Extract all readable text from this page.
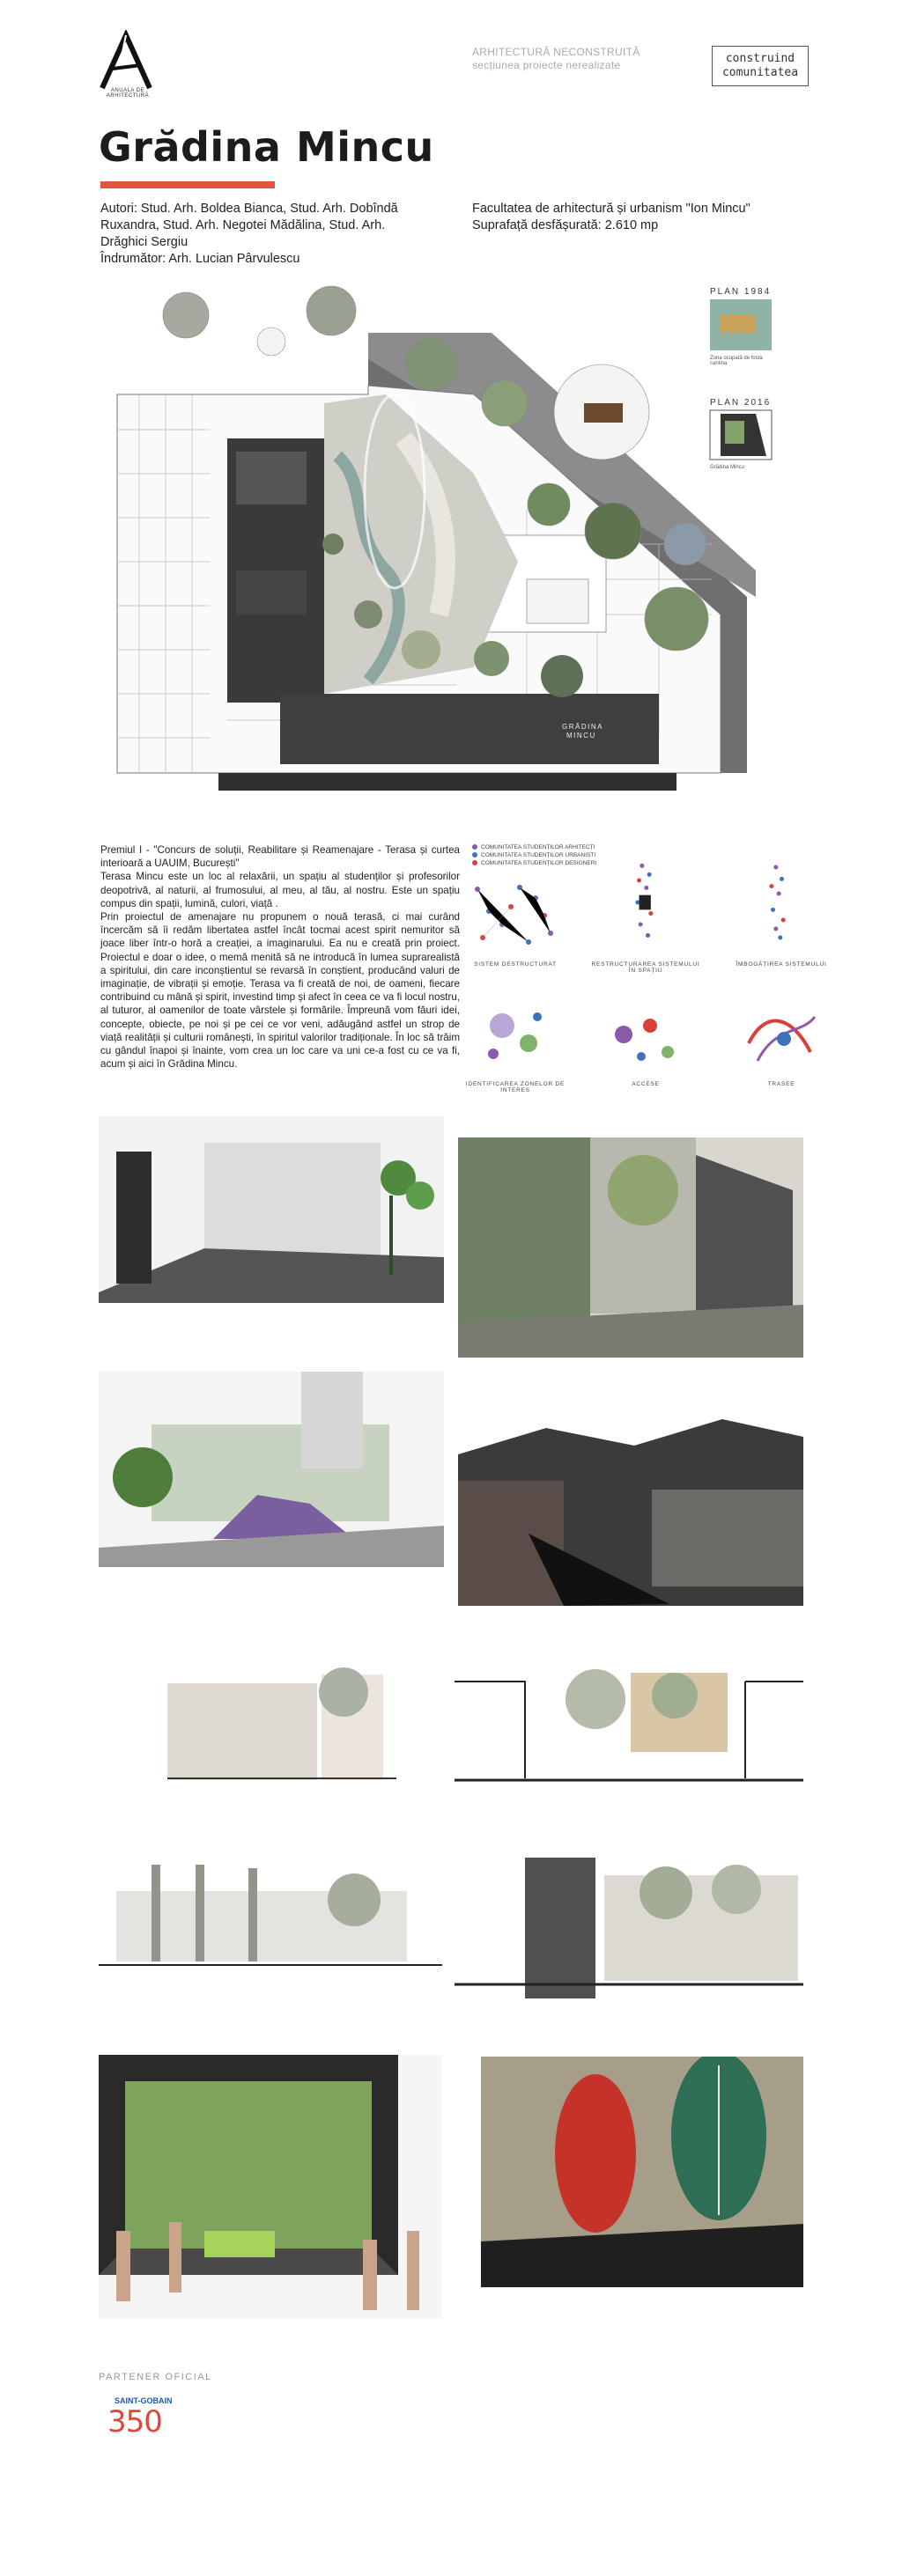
ANUALA DE ARHITECTURĂ
ARHITECTURĂ NECONSTRUITĂ
secțiunea proiecte nerealizate	construind
comunitatea
Grădina Mincu
Autori: Stud. Arh. Boldea Bianca, Stud. Arh. Dobîndă
Ruxandra, Stud. Arh. Negotei Mădălina, Stud. Arh.
Drăghici Sergiu
Îndrumător: Arh. Lucian Pârvulescu
Facultatea de arhitectură și urbanism "Ion Mincu"
Suprafață desfășurată: 2.610 mp
GRĂDINA
MINCU
PLAN 1984
Zona ocupată de fosta cantina
PLAN 2016
Grădina Mincu

Premiul I - "Concurs de soluții, Reabilitare și Reamenajare - Terasa și curtea interioară a UAUIM, București"

Terasa Mincu este un loc al relaxării, un spațiu al studenților și profesorilor deopotrivă, al naturii, al frumosului, al meu, al tău, al nostru. Este un spațiu compus din spații, lumină, culori, viață .

Prin proiectul de amenajare nu propunem o nouă terasă, ci mai curând încercăm să îi redăm libertatea astfel încât tocmai acest spirit nemuritor să joace liber într-o horă a creației, a imaginarului. Ea nu e creată prin proiect. Proiectul e doar o idee, o memă menită să ne introducă în lumea suprarealistă a spiritului, din care inconștientul se revarsă în conștient, producând valuri de imaginație, de vibrații și emoție. Terasa va fi creată de noi, de oameni, fiecare contribuind cu mână și spirit, investind timp și afect în ceea ce va fi locul nostru, al tuturor, al oamenilor de toate vârstele și formările. Împreună vom făuri idei, concepte, obiecte, pe noi și pe cei ce vor veni, adăugând astfel un strop de viață realității și culturii românești, în spiritul valorilor tradiționale. În loc să trăim cu gândul înapoi și înainte, vom crea un loc care va uni ce-a fost cu ce va fi, acum și aici în Grădina Mincu.

COMUNITATEA STUDENȚILOR ARHITECȚI
COMUNITATEA STUDENȚILOR URBANIȘTI
COMUNITATEA STUDENȚILOR DESIGNERI
SISTEM DESTRUCTURAT	RESTRUCTURAREA SISTEMULUI ÎN SPAȚIU
ÎMBOGĂȚIREA SISTEMULUI
IDENTIFICAREA ZONELOR DE INTERES
ACCESE	TRASEE
PARTENER OFICIAL
SAINT-GOBAIN
350
